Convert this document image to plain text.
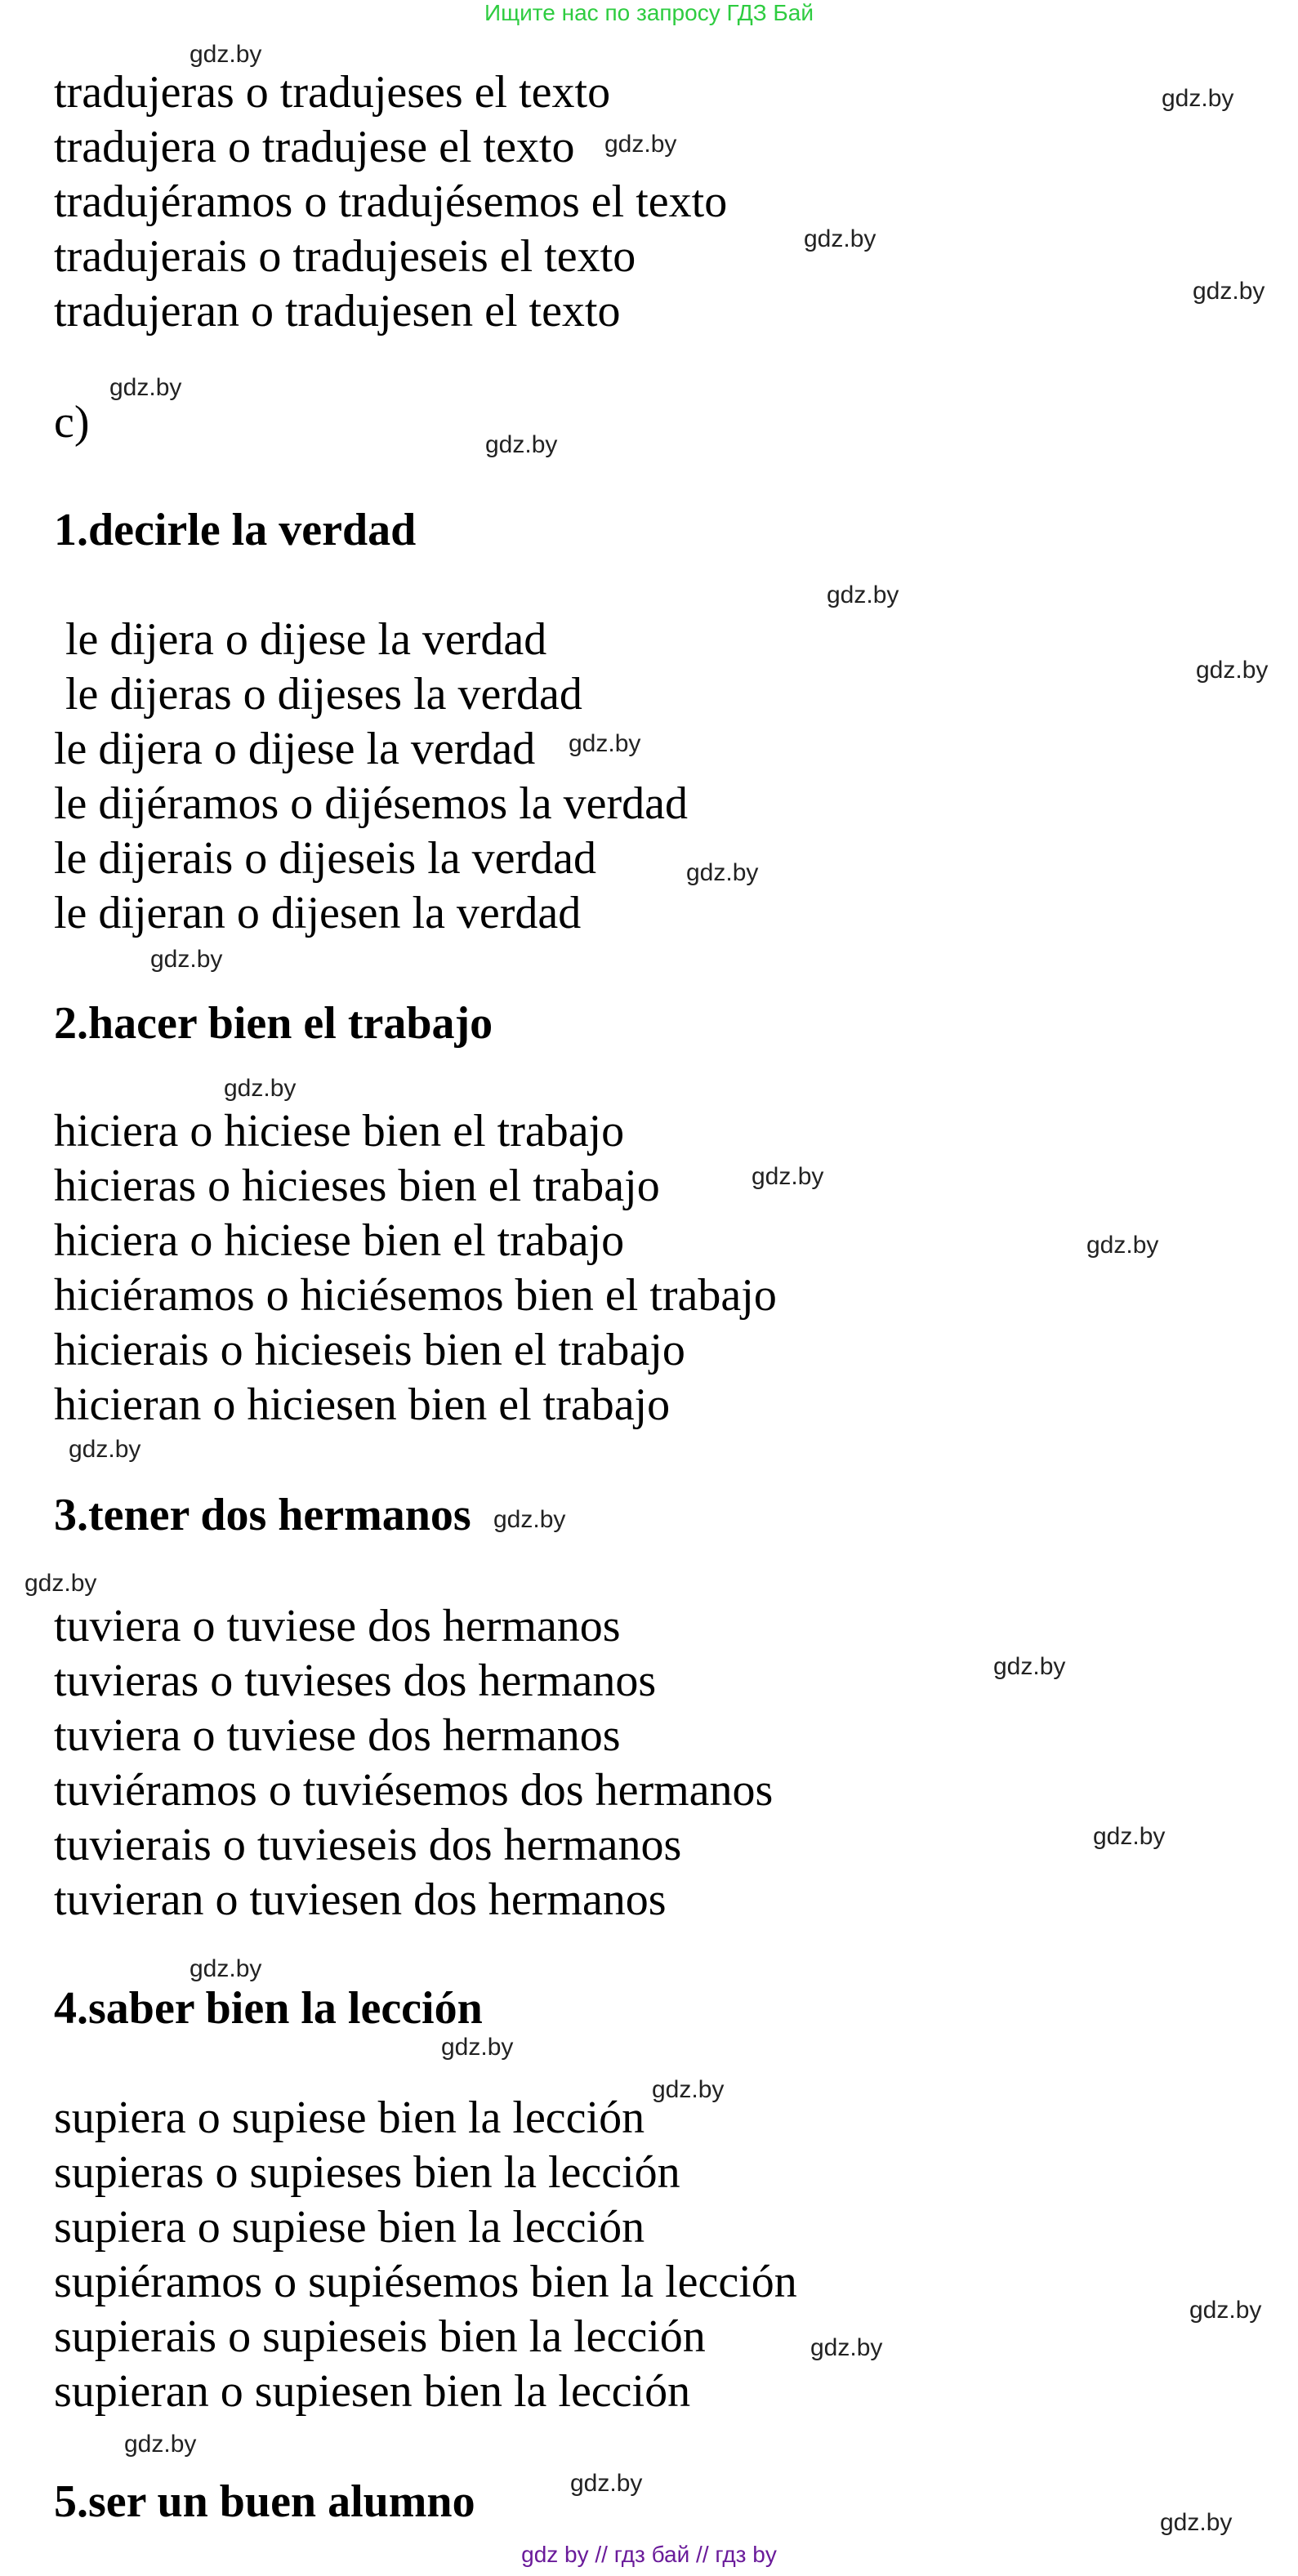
Ищите нас по запросу ГДЗ Бай
tradujeras o tradujeses el texto
tradujera o tradujese el texto
tradujéramos o tradujésemos el texto
tradujerais o tradujeseis el texto
tradujeran o tradujesen el texto
c)
1.decirle la verdad
le dijera o dijese la verdad
le dijeras o dijeses la verdad
le dijera o dijese la verdad
le dijéramos o dijésemos la verdad
le dijerais o dijeseis la verdad
le dijeran o dijesen la verdad
2.hacer bien el trabajo
hiciera o hiciese bien el trabajo
hicieras o hicieses bien el trabajo
hiciera o hiciese bien el trabajo
hiciéramos o hiciésemos bien el trabajo
hicierais o hicieseis bien el trabajo
hicieran o hiciesen bien el trabajo
3.tener dos hermanos
tuviera o tuviese dos hermanos
tuvieras o tuvieses dos hermanos
tuviera o tuviese dos hermanos
tuviéramos o tuviésemos dos hermanos
tuvierais o tuvieseis dos hermanos
tuvieran o tuviesen dos hermanos
4.saber bien la lección
supiera o supiese bien la lección
supieras o supieses bien la lección
supiera o supiese bien la lección
supiéramos o supiésemos bien la lección
supierais o supieseis bien la lección
supieran o supiesen bien la lección
5.ser un buen alumno
gdz.by
gdz.by
gdz.by
gdz.by
gdz.by
gdz.by
gdz.by
gdz.by
gdz.by
gdz.by
gdz.by
gdz.by
gdz.by
gdz.by
gdz.by
gdz.by
gdz.by
gdz.by
gdz.by
gdz.by
gdz.by
gdz.by
gdz.by
gdz.by
gdz.by
gdz.by
gdz.by
gdz.by
gdz by // гдз бай // гдз by
